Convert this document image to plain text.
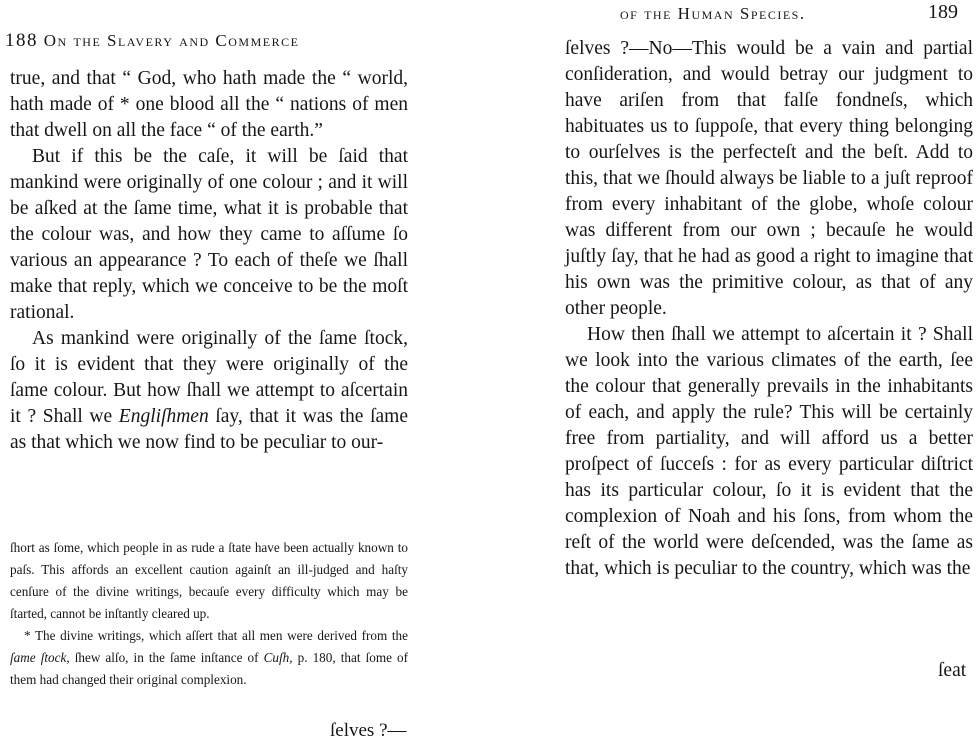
188 On the Slavery and Commerce

true, and that “ God, who hath made the “ world, hath made of * one blood all the “ nations of men that dwell on all the face “ of the earth.”

But if this be the caſe, it will be ſaid that mankind were originally of one colour ; and it will be aſked at the ſame time, what it is probable that the colour was, and how they came to aſſume ſo various an appearance ? To each of theſe we ſhall make that reply, which we conceive to be the moſt rational.

As mankind were originally of the ſame ſtock, ſo it is evident that they were originally of the ſame colour. But how ſhall we attempt to aſcertain it ? Shall we Engliſhmen ſay, that it was the ſame as that which we now find to be peculiar to our-

ſhort as ſome, which people in as rude a ſtate have been actually known to paſs. This affords an excellent caution againſt an ill-judged and haſty cenſure of the divine writings, becauſe every difficulty which may be ſtarted, cannot be inſtantly cleared up.

* The divine writings, which aſſert that all men were derived from the ſame ſtock, ſhew alſo, in the ſame inſtance of Cuſh, p. 180, that ſome of them had changed their original complexion.

ſelves ?—
of the Human Species.	189

ſelves ?—No—This would be a vain and partial conſideration, and would betray our judgment to have ariſen from that falſe fondneſs, which habituates us to ſuppoſe, that every thing belonging to ourſelves is the perfecteſt and the beſt. Add to this, that we ſhould always be liable to a juſt reproof from every inhabitant of the globe, whoſe colour was different from our own ; becauſe he would juſtly ſay, that he had as good a right to imagine that his own was the primitive colour, as that of any other people.

How then ſhall we attempt to aſcertain it ? Shall we look into the various climates of the earth, ſee the colour that generally prevails in the inhabitants of each, and apply the rule? This will be certainly free from partiality, and will afford us a better proſpect of ſucceſs : for as every particular diſtrict has its particular colour, ſo it is evident that the complexion of Noah and his ſons, from whom the reſt of the world were deſcended, was the ſame as that, which is peculiar to the country, which was the

ſeat
